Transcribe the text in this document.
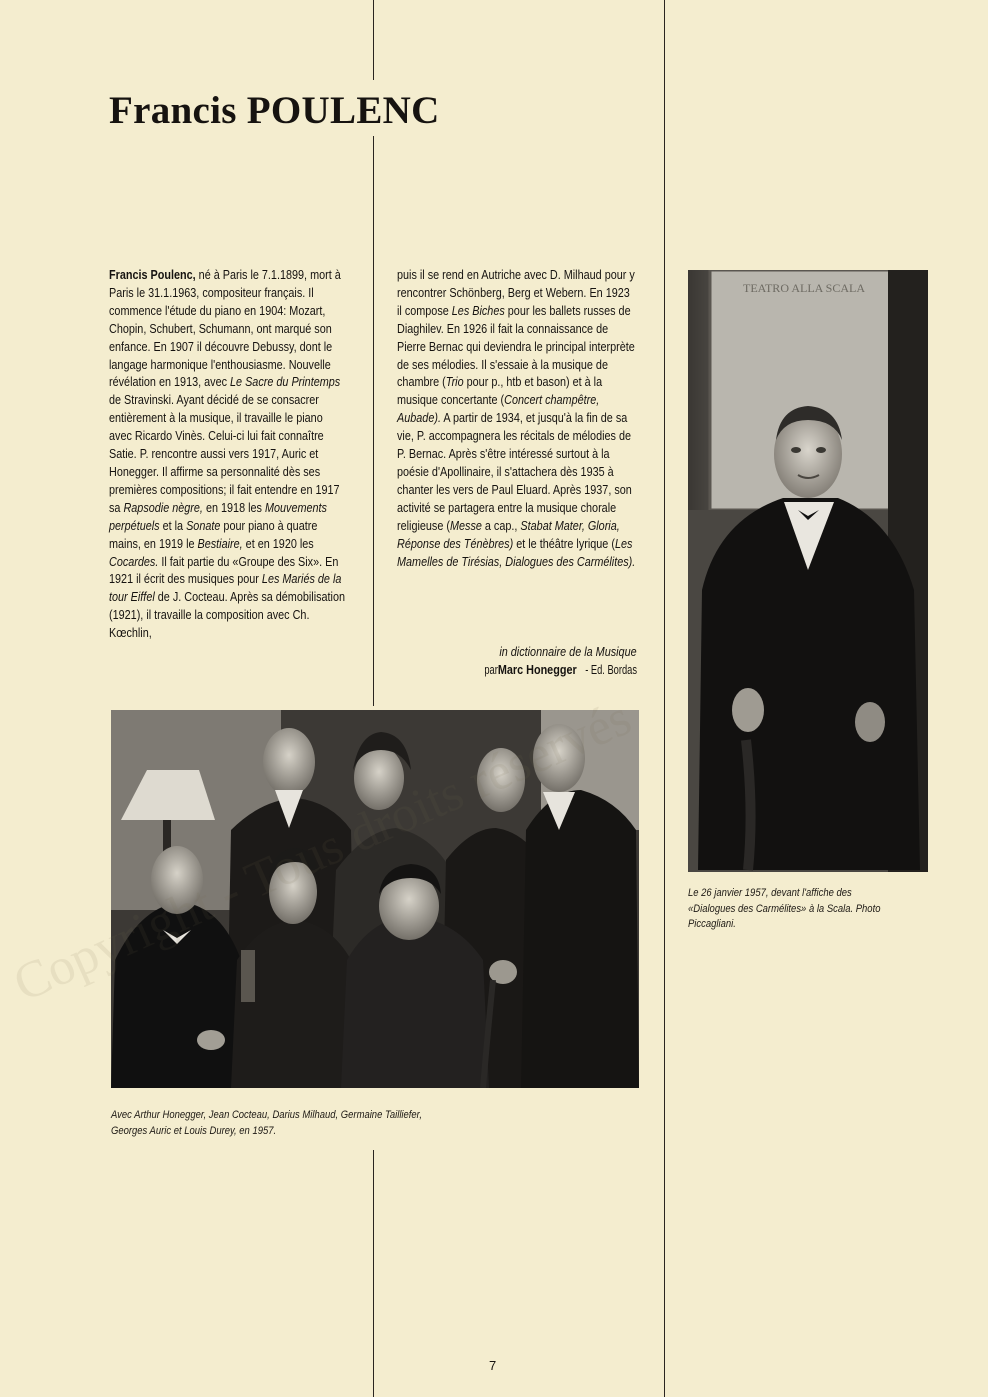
Francis POULENC

Francis Poulenc, né à Paris le 7.1.1899, mort à Paris le 31.1.1963, compositeur français. Il commence l'étude du piano en 1904: Mozart, Chopin, Schubert, Schumann, ont marqué son enfance. En 1907 il découvre Debussy, dont le langage harmonique l'enthousiasme. Nouvelle révélation en 1913, avec Le Sacre du Printemps de Stravinski. Ayant décidé de se consacrer entièrement à la musique, il travaille le piano avec Ricardo Vinès. Celui-ci lui fait connaître Satie. P. rencontre aussi vers 1917, Auric et Honegger. Il affirme sa personnalité dès ses premières compositions; il fait entendre en 1917 sa Rapsodie nègre, en 1918 les Mouvements perpétuels et la Sonate pour piano à quatre mains, en 1919 le Bestiaire, et en 1920 les Cocardes. Il fait partie du «Groupe des Six». En 1921 il écrit des musiques pour Les Mariés de la tour Eiffel de J. Cocteau. Après sa démobilisation (1921), il travaille la composition avec Ch. Kœchlin,

puis il se rend en Autriche avec D. Milhaud pour y rencontrer Schönberg, Berg et Webern. En 1923 il compose Les Biches pour les ballets russes de Diaghilev. En 1926 il fait la connaissance de Pierre Bernac qui deviendra le principal interprète de ses mélodies. Il s'essaie à la musique de chambre (Trio pour p., htb et bason) et à la musique concertante (Concert champêtre, Aubade). A partir de 1934, et jusqu'à la fin de sa vie, P. accompagnera les récitals de mélodies de P. Bernac. Après s'être intéressé surtout à la poésie d'Apollinaire, il s'attachera dès 1935 à chanter les vers de Paul Eluard. Après 1937, son activité se partagera entre la musique chorale religieuse (Messe a cap., Stabat Mater, Gloria, Réponse des Ténèbres) et le théâtre lyrique (Les Mamelles de Tirésias, Dialogues des Carmélites).

in dictionnaire de la Musique
parMarc Honegger- Ed. Bordas
TEATRO ALLA SCALA

Le 26 janvier 1957, devant l'affiche des «Dialogues des Carmélites» à la Scala. Photo Piccagliani.

Avec Arthur Honegger, Jean Cocteau, Darius Milhaud, Germaine Tailliefer, Georges Auric et Louis Durey, en 1957.

7
